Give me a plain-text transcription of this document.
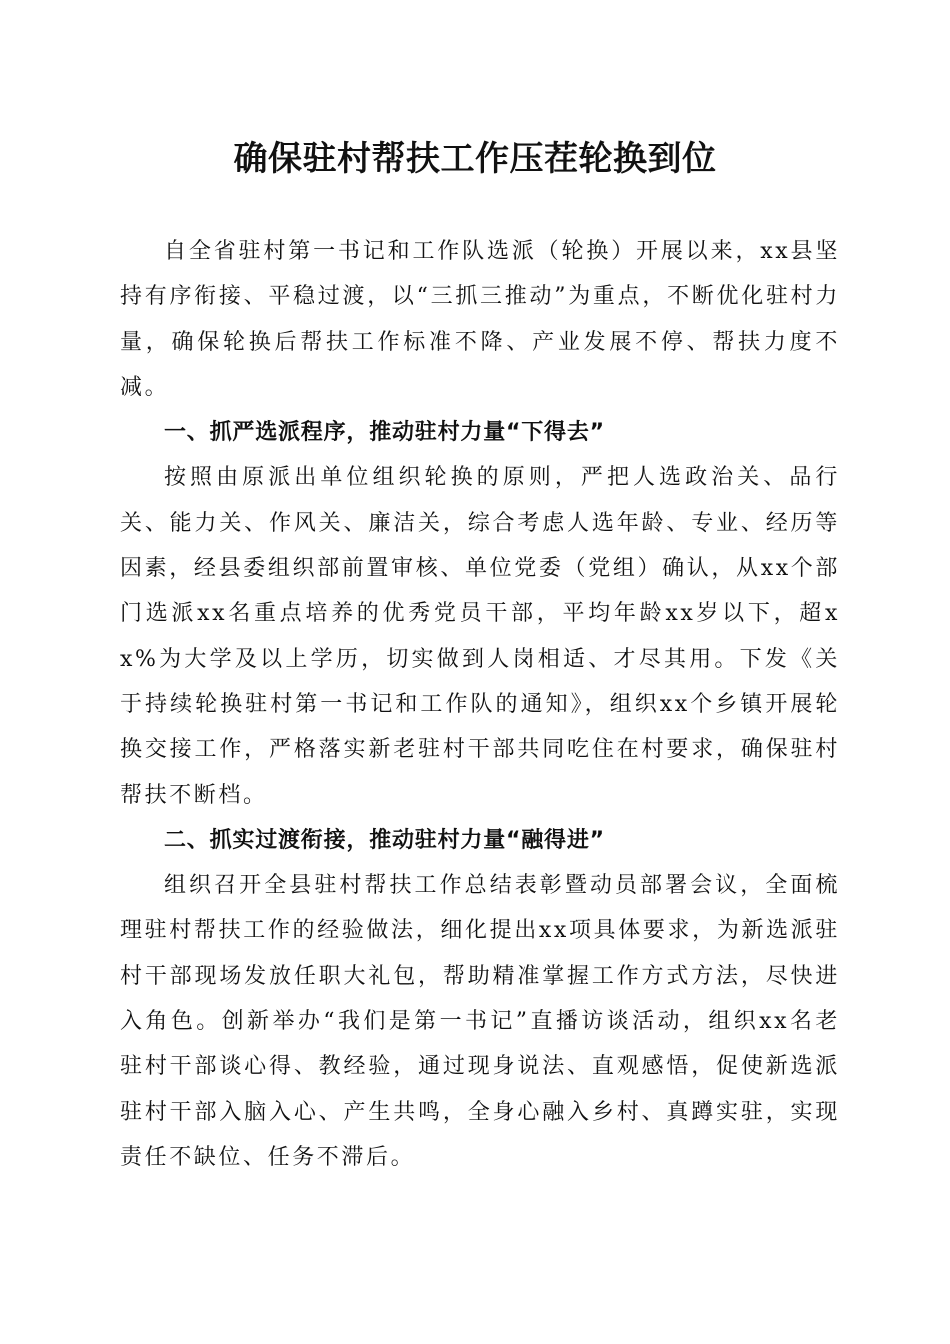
确保驻村帮扶工作压茬轮换到位

自全省驻村第一书记和工作队选派（轮换）开展以来，xx县坚持有序衔接、平稳过渡，以“三抓三推动”为重点，不断优化驻村力量，确保轮换后帮扶工作标准不降、产业发展不停、帮扶力度不减。

一、抓严选派程序，推动驻村力量“下得去”

按照由原派出单位组织轮换的原则，严把人选政治关、品行关、能力关、作风关、廉洁关，综合考虑人选年龄、专业、经历等因素，经县委组织部前置审核、单位党委（党组）确认，从xx个部门选派xx名重点培养的优秀党员干部，平均年龄xx岁以下，超xx%为大学及以上学历，切实做到人岗相适、才尽其用。下发《关于持续轮换驻村第一书记和工作队的通知》，组织xx个乡镇开展轮换交接工作，严格落实新老驻村干部共同吃住在村要求，确保驻村帮扶不断档。

二、抓实过渡衔接，推动驻村力量“融得进”

组织召开全县驻村帮扶工作总结表彰暨动员部署会议，全面梳理驻村帮扶工作的经验做法，细化提出xx项具体要求，为新选派驻村干部现场发放任职大礼包，帮助精准掌握工作方式方法，尽快进入角色。创新举办“我们是第一书记”直播访谈活动，组织xx名老驻村干部谈心得、教经验，通过现身说法、直观感悟，促使新选派驻村干部入脑入心、产生共鸣，全身心融入乡村、真蹲实驻，实现责任不缺位、任务不滞后。
